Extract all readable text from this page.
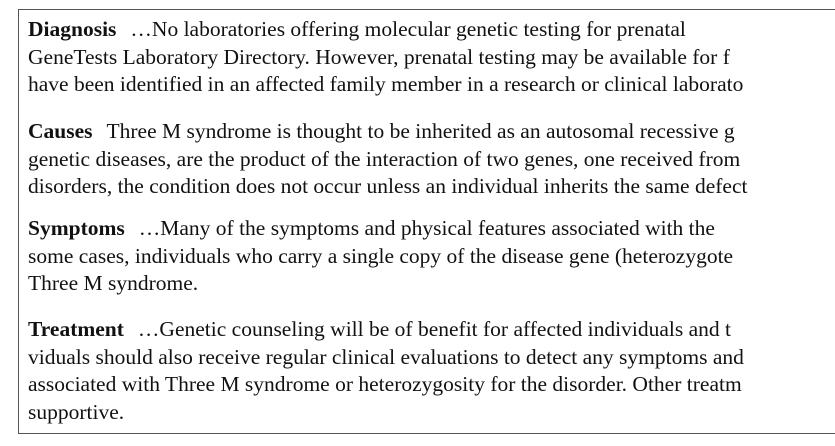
Diagnosis …No laboratories offering molecular genetic testing for prenatal
GeneTests Laboratory Directory. However, prenatal testing may be available for f
have been identified in an affected family member in a research or clinical laborato
Causes Three M syndrome is thought to be inherited as an autosomal recessive g
genetic diseases, are the product of the interaction of two genes, one received from
disorders, the condition does not occur unless an individual inherits the same defect
Symptoms …Many of the symptoms and physical features associated with the
some cases, individuals who carry a single copy of the disease gene (heterozygote
Three M syndrome.
Treatment …Genetic counseling will be of benefit for affected individuals and t
viduals should also receive regular clinical evaluations to detect any symptoms and
associated with Three M syndrome or heterozygosity for the disorder. Other treatm
supportive.
